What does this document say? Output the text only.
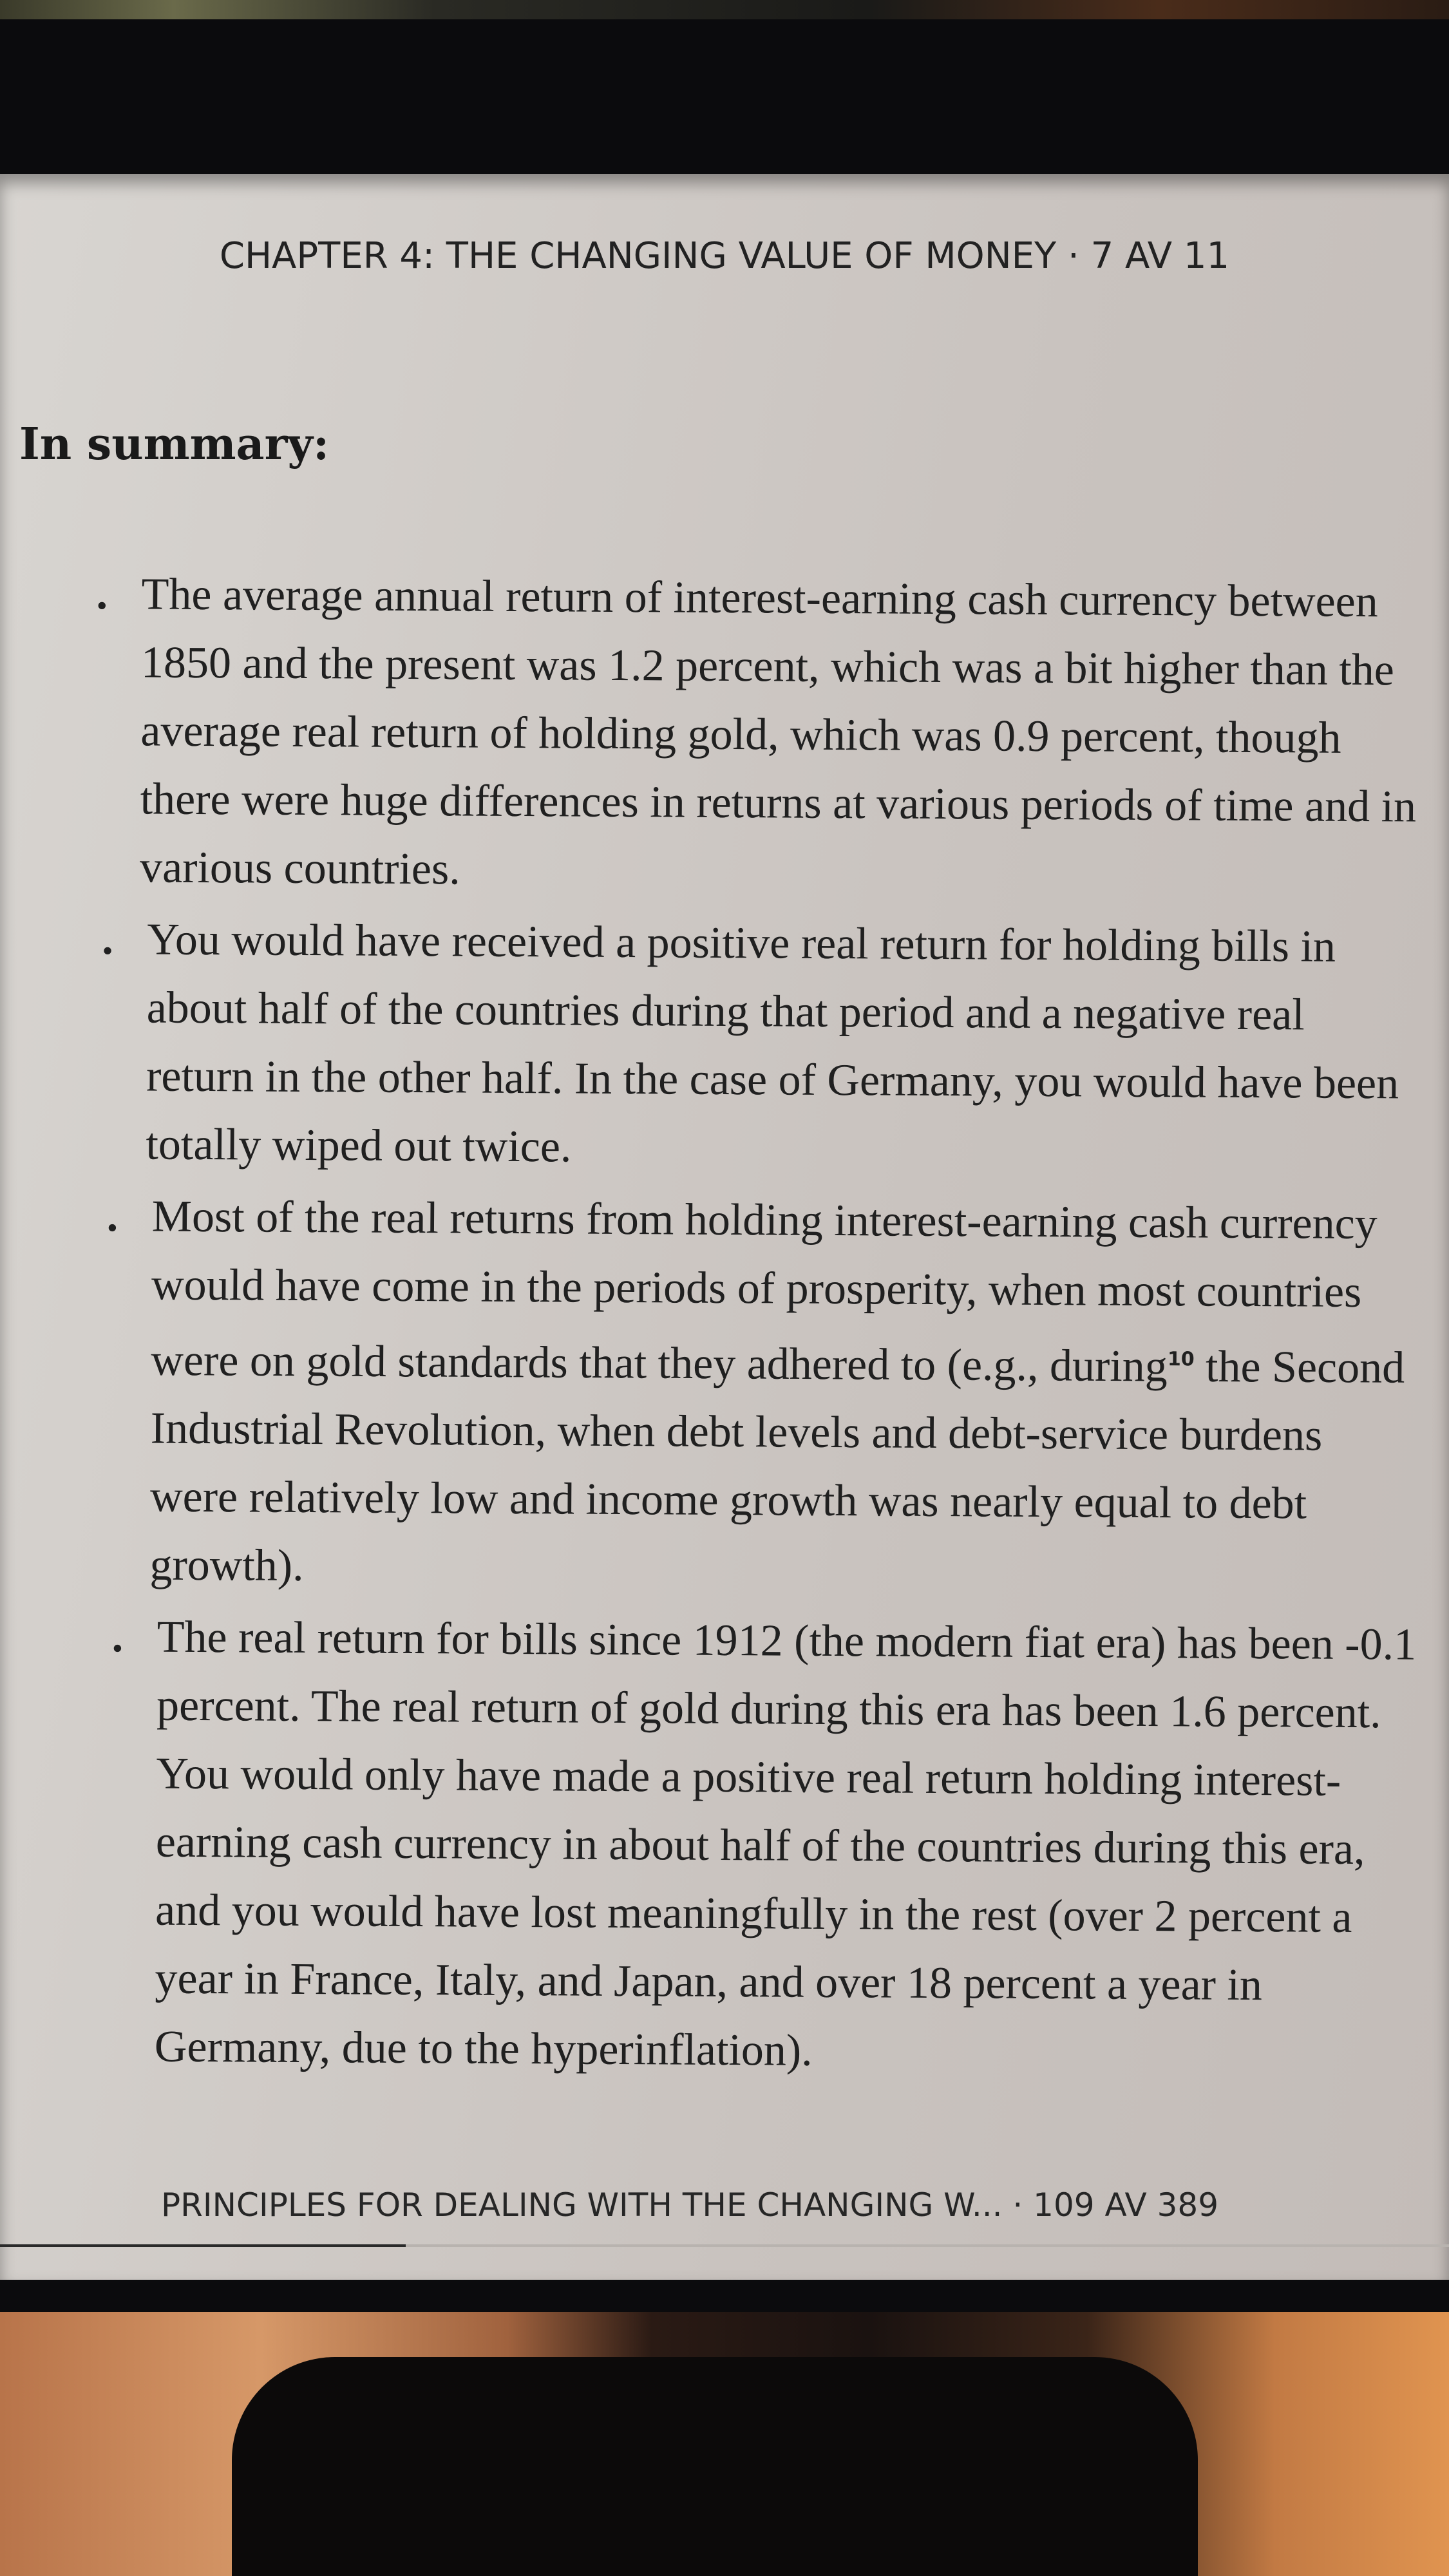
CHAPTER 4: THE CHANGING VALUE OF MONEY · 7 AV 11
In summary:
. The average annual return of interest-earning cash currency between 1850 and the present was 1.2 percent, which was a bit higher than the average real return of holding gold, which was 0.9 percent, though there were huge differences in returns at various periods of time and in various countries.
. You would have received a positive real return for holding bills in about half of the countries during that period and a negative real return in the other half. In the case of Germany, you would have been totally wiped out twice.
. Most of the real returns from holding interest-earning cash currency would have come in the periods of prosperity, when most countries were on gold standards that they adhered to (e.g., during$^{10}$ the Second Industrial Revolution, when debt levels and debt-service burdens were relatively low and income growth was nearly equal to debt growth).
. The real return for bills since 1912 (the modern fiat era) has been -0.1 percent. The real return of gold during this era has been 1.6 percent. You would only have made a positive real return holding interest-earning cash currency in about half of the countries during this era, and you would have lost meaningfully in the rest (over 2 percent a year in France, Italy, and Japan, and over 18 percent a year in Germany, due to the hyperinflation).
PRINCIPLES FOR DEALING WITH THE CHANGING W... · 109 AV 389
